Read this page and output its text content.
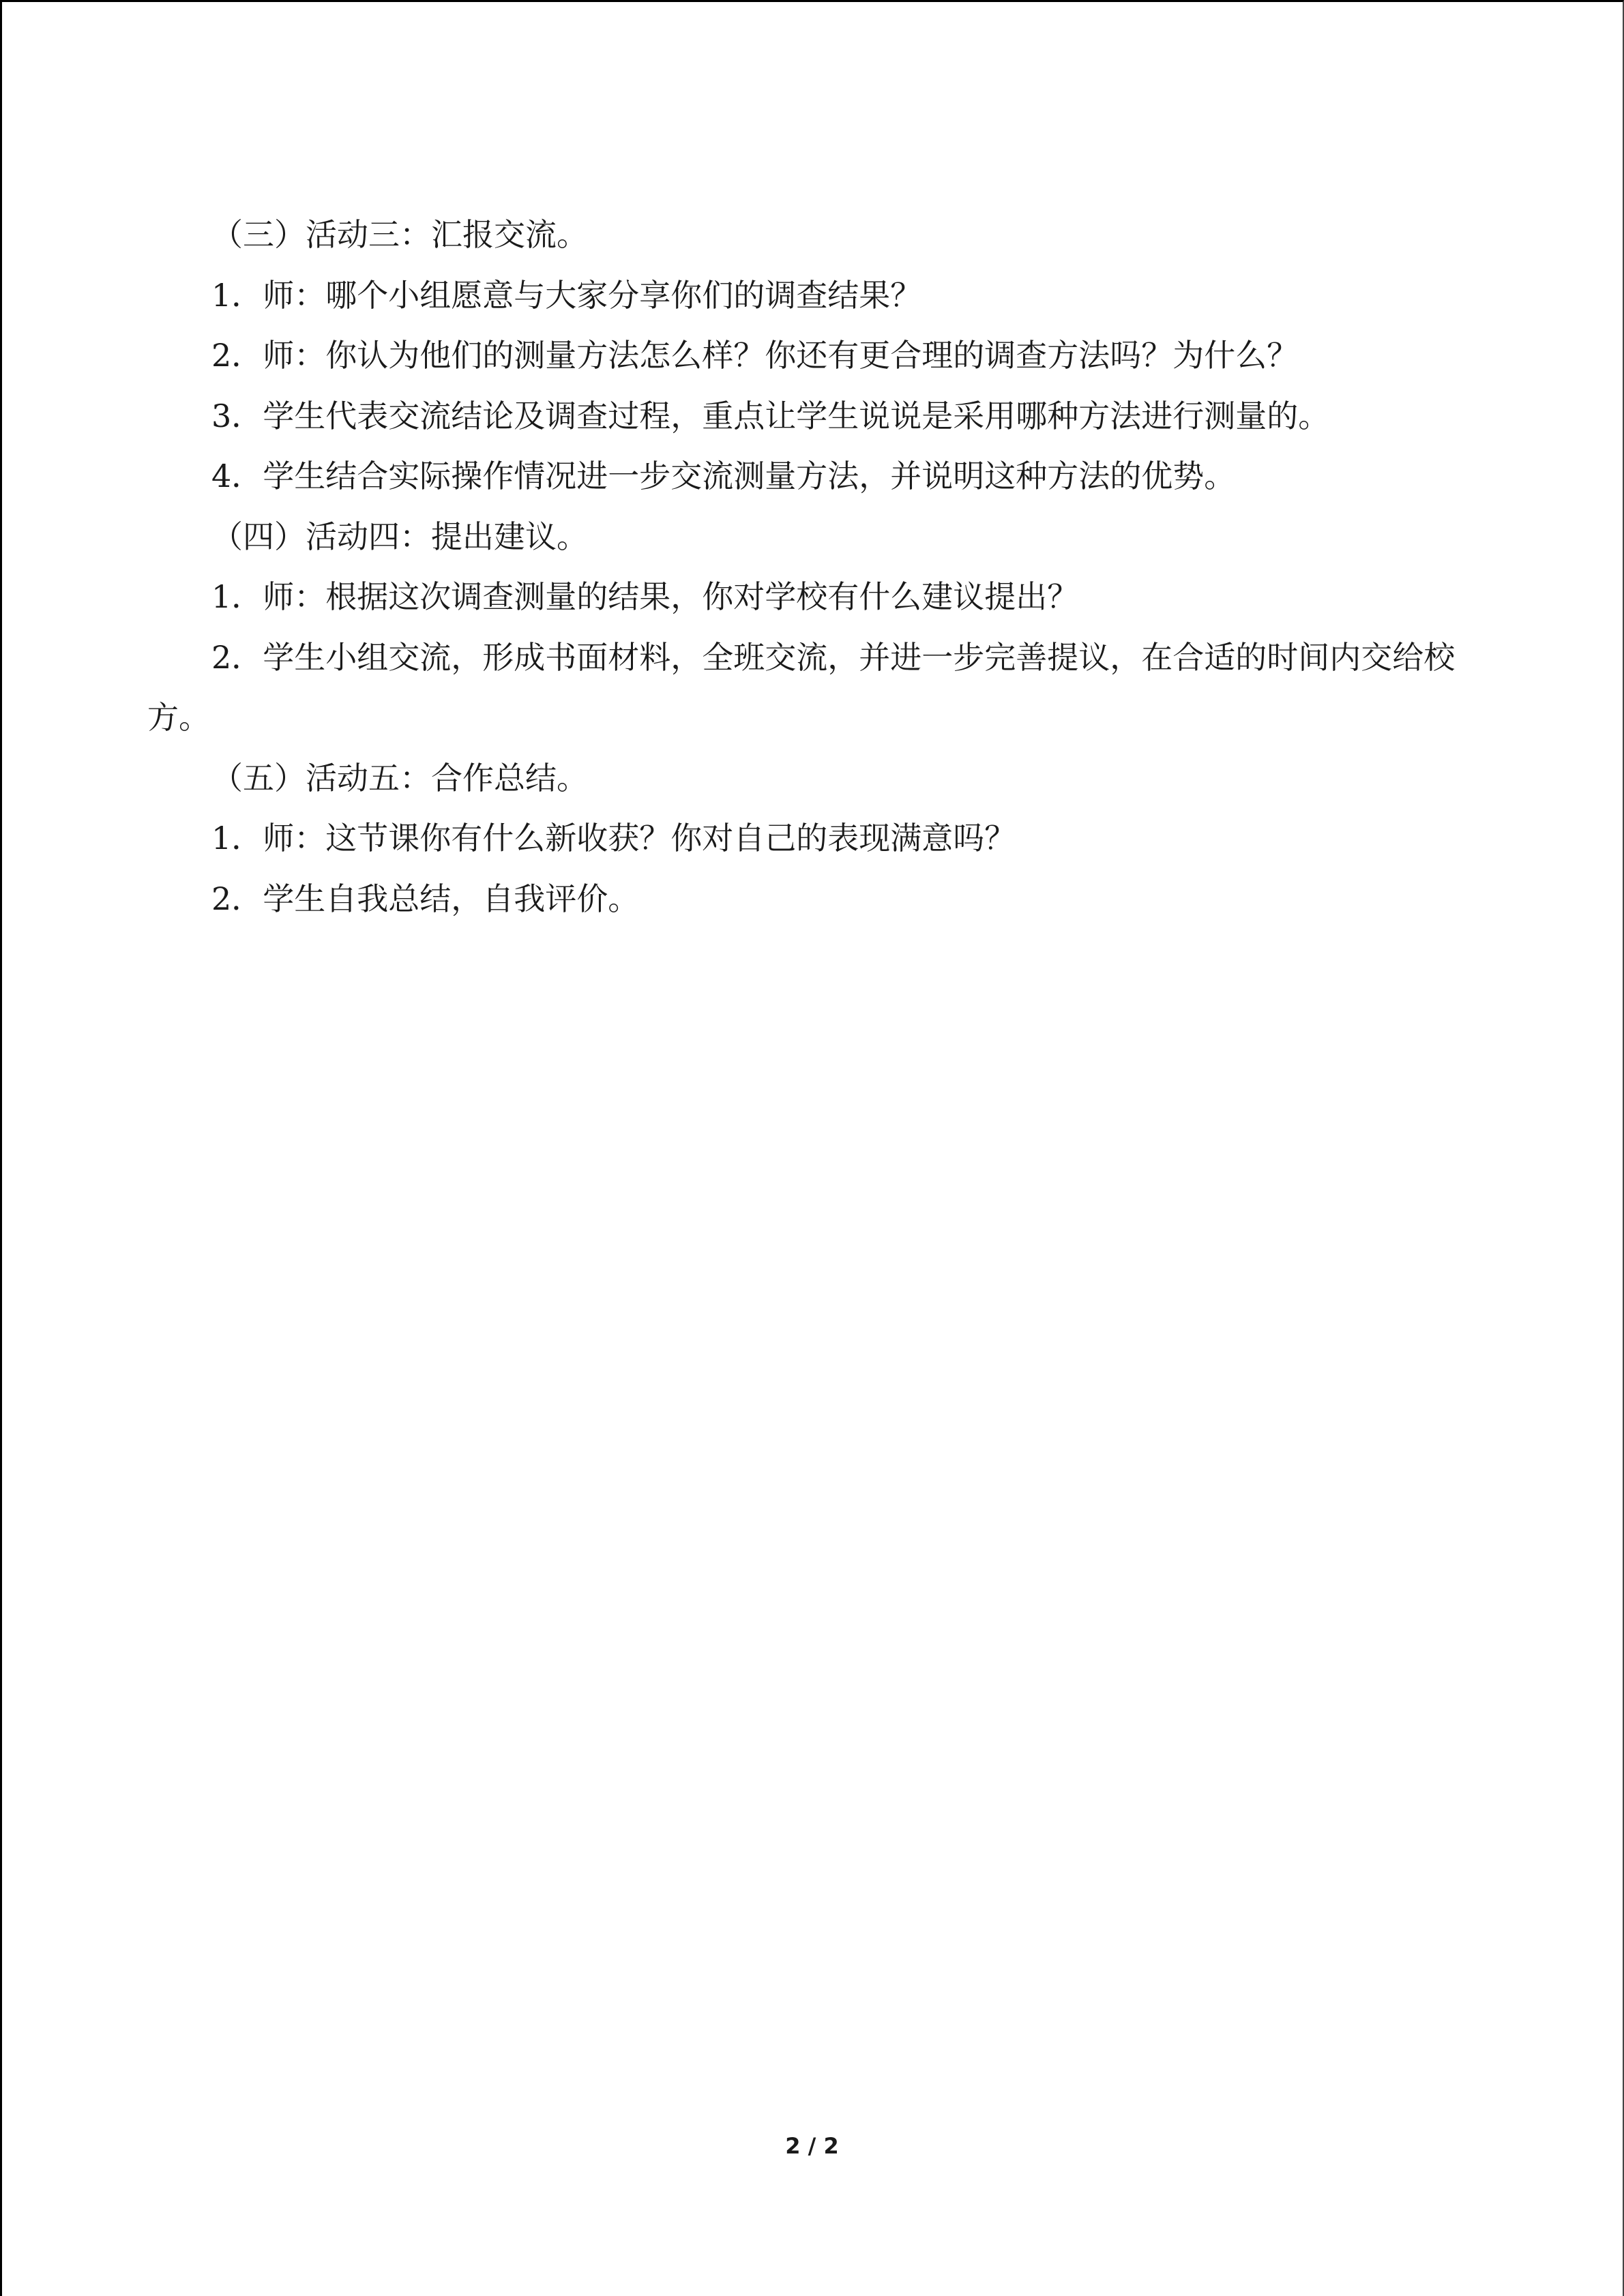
（三）活动三：汇报交流。

1．师：哪个小组愿意与大家分享你们的调查结果？

2．师：你认为他们的测量方法怎么样？你还有更合理的调查方法吗？为什么？

3．学生代表交流结论及调查过程，重点让学生说说是采用哪种方法进行测量的。

4．学生结合实际操作情况进一步交流测量方法，并说明这种方法的优势。

（四）活动四：提出建议。

1．师：根据这次调查测量的结果，你对学校有什么建议提出？

2．学生小组交流，形成书面材料，全班交流，并进一步完善提议，在合适的时间内交给校方。

（五）活动五：合作总结。

1．师：这节课你有什么新收获？你对自己的表现满意吗？

2．学生自我总结，自我评价。

2 / 2
